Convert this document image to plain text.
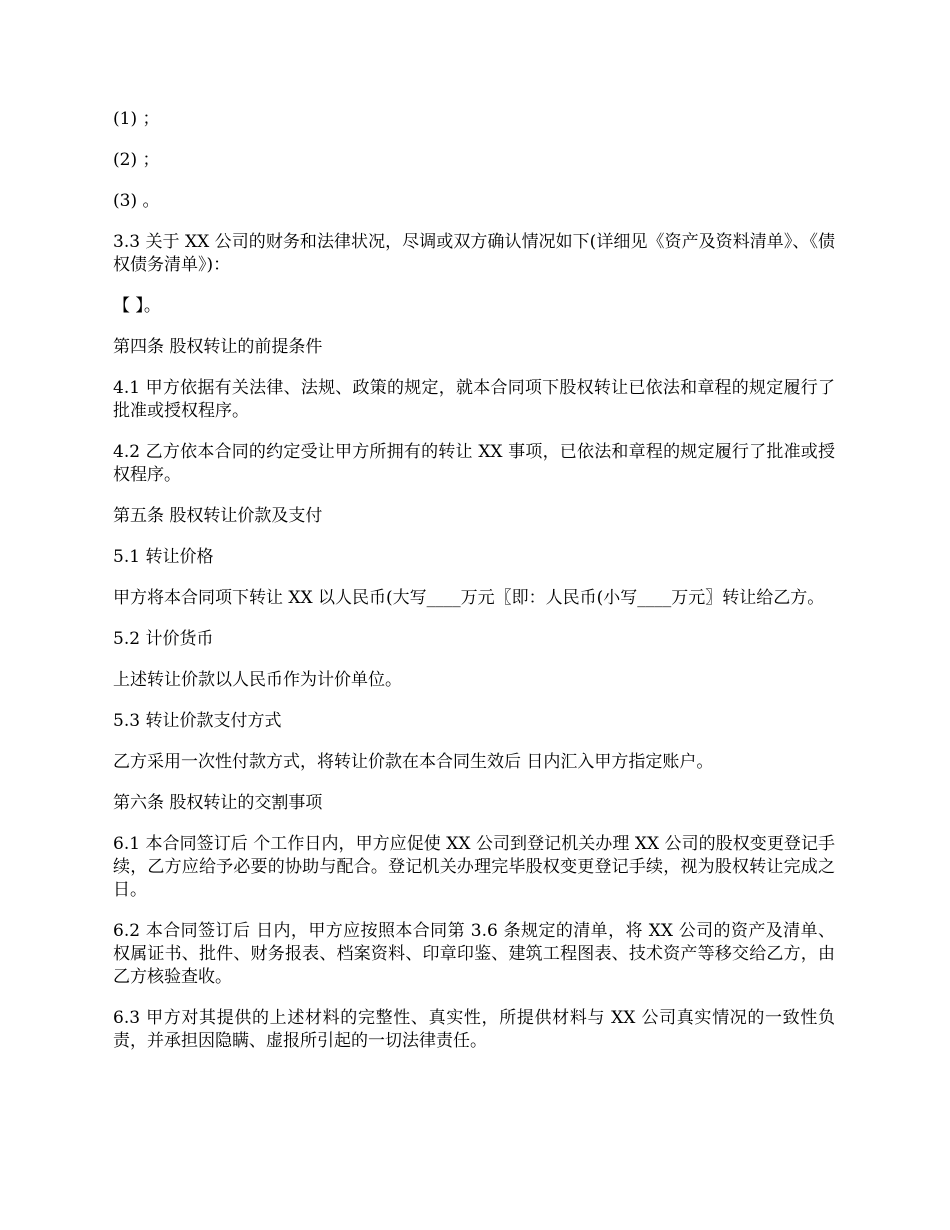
(1) ；

(2) ；

(3) 。

3.3 关于 XX 公司的财务和法律状况，尽调或双方确认情况如下(详细见《资产及资料清单》、《债权债务清单》)：

【 】。

第四条 股权转让的前提条件

4.1 甲方依据有关法律、法规、政策的规定，就本合同项下股权转让已依法和章程的规定履行了批准或授权程序。

4.2 乙方依本合同的约定受让甲方所拥有的转让 XX 事项，已依法和章程的规定履行了批准或授权程序。

第五条 股权转让价款及支付

5.1 转让价格

甲方将本合同项下转让 XX 以人民币(大写____万元〖即：人民币(小写____万元〗转让给乙方。

5.2 计价货币

上述转让价款以人民币作为计价单位。

5.3 转让价款支付方式

乙方采用一次性付款方式，将转让价款在本合同生效后 日内汇入甲方指定账户。

第六条 股权转让的交割事项

6.1 本合同签订后 个工作日内，甲方应促使 XX 公司到登记机关办理 XX 公司的股权变更登记手续，乙方应给予必要的协助与配合。登记机关办理完毕股权变更登记手续，视为股权转让完成之日。

6.2 本合同签订后 日内，甲方应按照本合同第 3.6 条规定的清单，将 XX 公司的资产及清单、权属证书、批件、财务报表、档案资料、印章印鉴、建筑工程图表、技术资产等移交给乙方，由乙方核验查收。

6.3 甲方对其提供的上述材料的完整性、真实性，所提供材料与 XX 公司真实情况的一致性负责，并承担因隐瞒、虚报所引起的一切法律责任。
